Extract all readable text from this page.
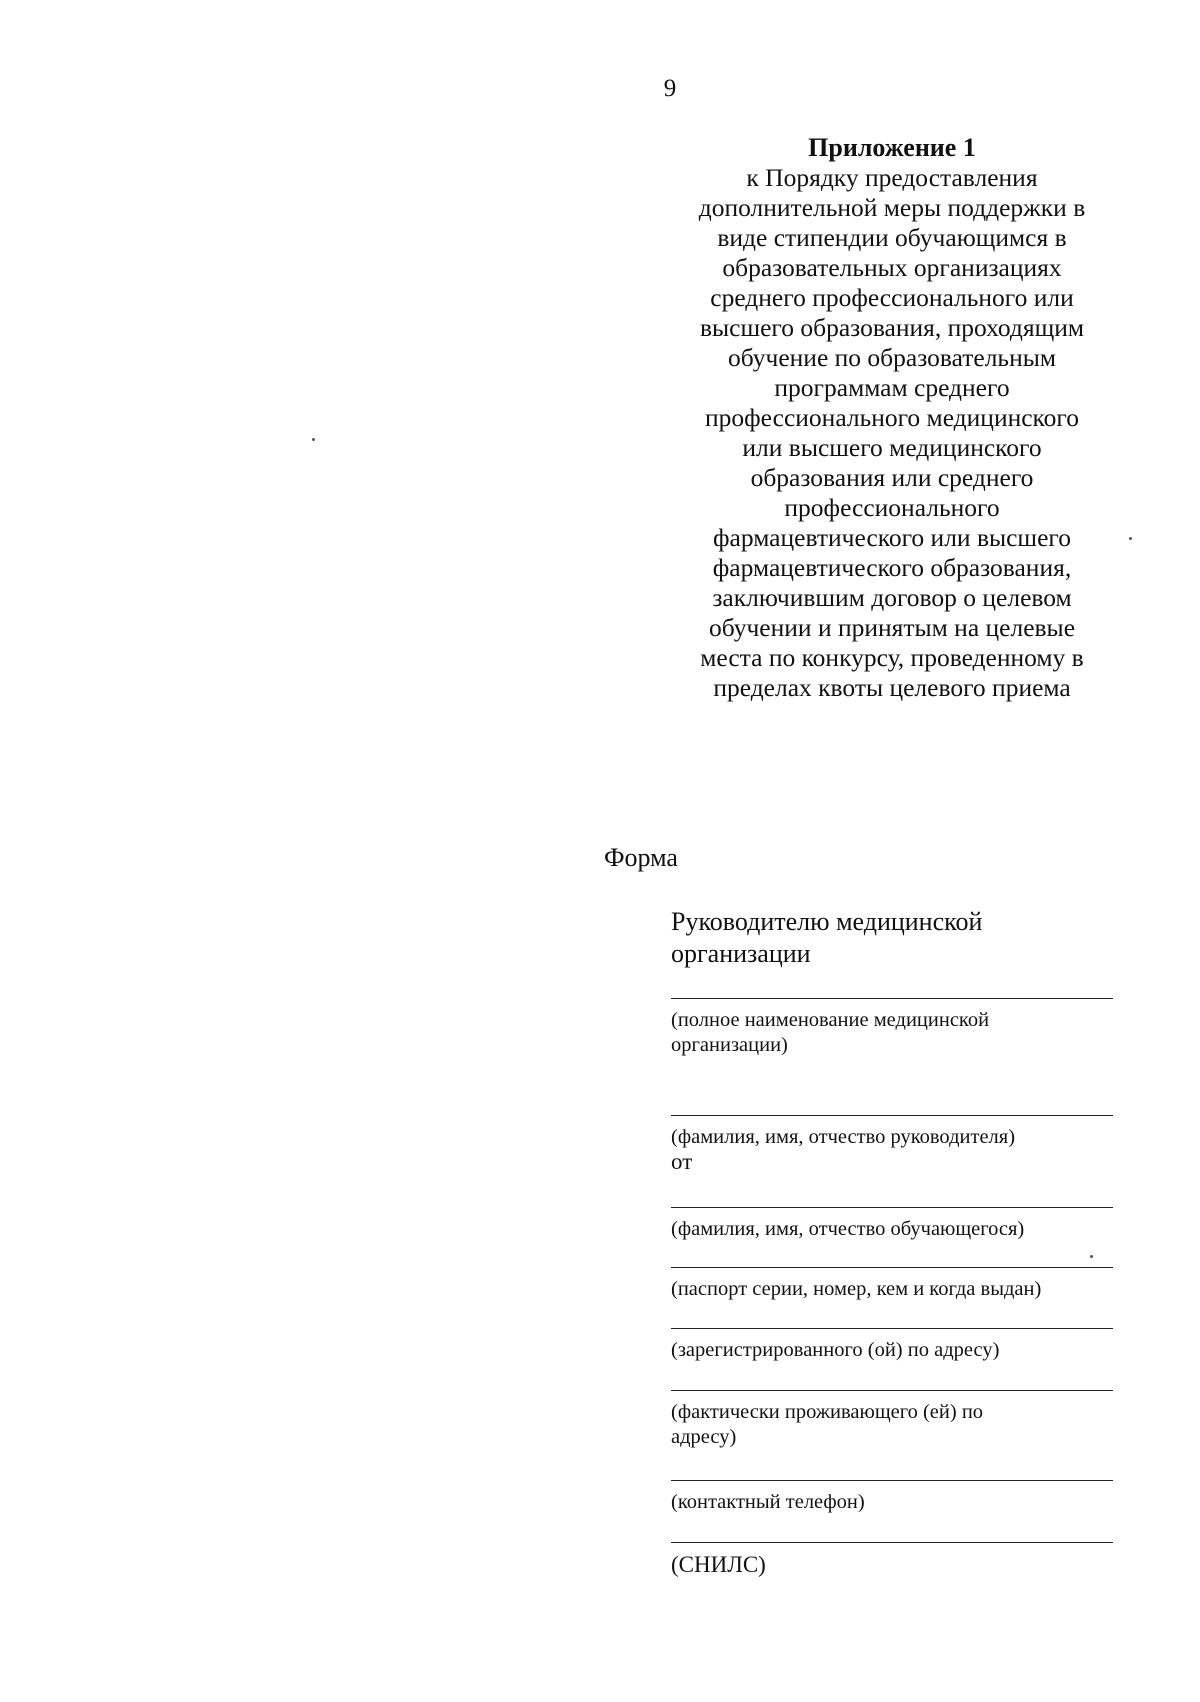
9
Приложение 1
к Порядку предоставления
дополнительной меры поддержки в
виде стипендии обучающимся в
образовательных организациях
среднего профессионального или
высшего образования, проходящим
обучение по образовательным
программам среднего
профессионального медицинского
или высшего медицинского
образования или среднего
профессионального
фармацевтического или высшего
фармацевтического образования,
заключившим договор о целевом
обучении и принятым на целевые
места по конкурсу, проведенному в
пределах квоты целевого приема
Форма
Руководителю медицинской
организации
(полное наименование медицинской организации)
(фамилия, имя, отчество руководителя)
от
(фамилия, имя, отчество обучающегося)
(паспорт серии, номер, кем и когда выдан)
(зарегистрированного (ой) по адресу)
(фактически проживающего (ей) по адресу)
(контактный телефон)
(СНИЛС)
